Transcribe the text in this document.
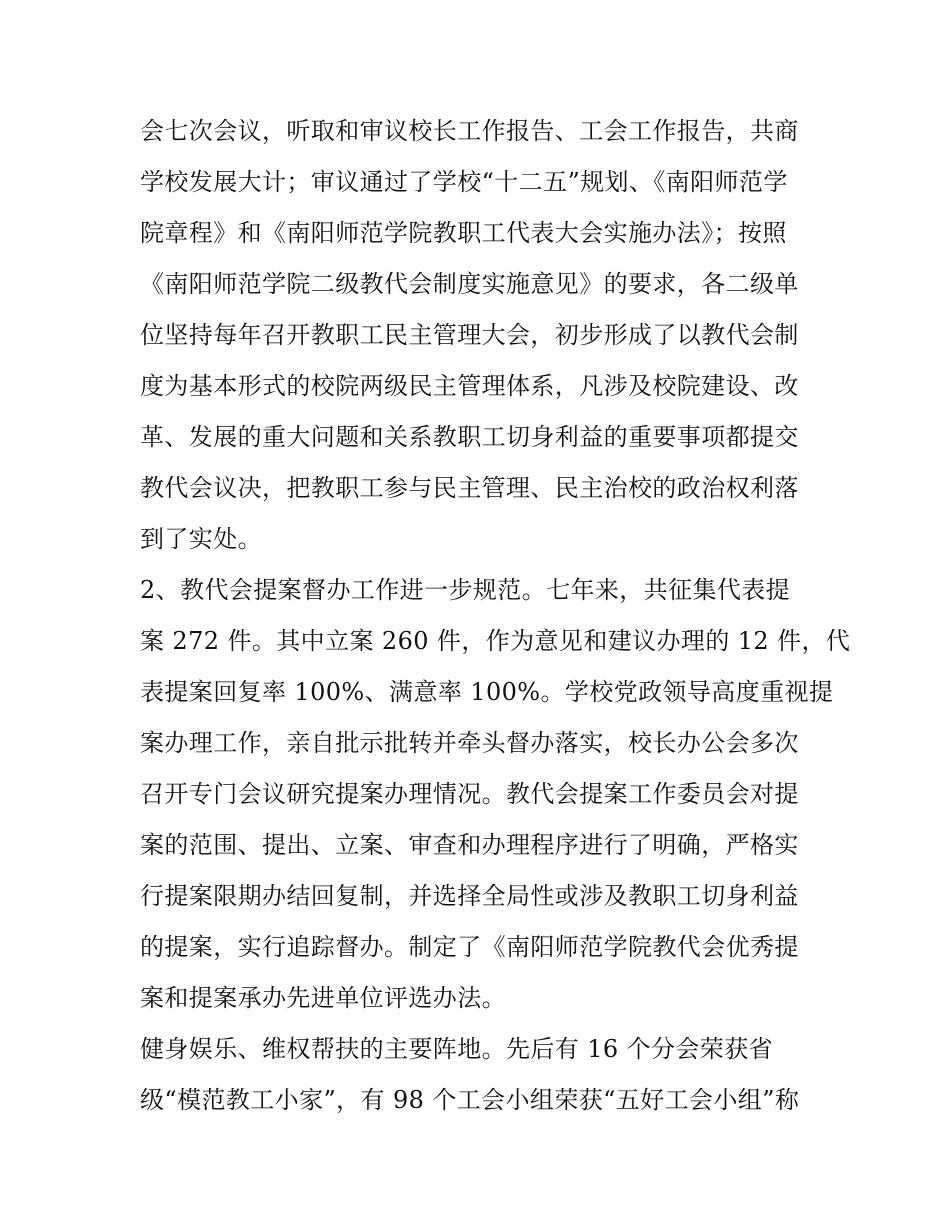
会七次会议，听取和审议校长工作报告、工会工作报告，共商
学校发展大计；审议通过了学校“十二五”规划、《南阳师范学
院章程》和《南阳师范学院教职工代表大会实施办法》；按照
《南阳师范学院二级教代会制度实施意见》的要求，各二级单
位坚持每年召开教职工民主管理大会，初步形成了以教代会制
度为基本形式的校院两级民主管理体系，凡涉及校院建设、改
革、发展的重大问题和关系教职工切身利益的重要事项都提交
教代会议决，把教职工参与民主管理、民主治校的政治权利落
到了实处。
2、教代会提案督办工作进一步规范。七年来，共征集代表提
案 272 件。其中立案 260 件，作为意见和建议办理的 12 件，代
表提案回复率 100%、满意率 100%。学校党政领导高度重视提
案办理工作，亲自批示批转并牵头督办落实，校长办公会多次
召开专门会议研究提案办理情况。教代会提案工作委员会对提
案的范围、提出、立案、审查和办理程序进行了明确，严格实
行提案限期办结回复制，并选择全局性或涉及教职工切身利益
的提案，实行追踪督办。制定了《南阳师范学院教代会优秀提
案和提案承办先进单位评选办法。
健身娱乐、维权帮扶的主要阵地。先后有 16 个分会荣获省
级“模范教工小家”，有 98 个工会小组荣获“五好工会小组”称
